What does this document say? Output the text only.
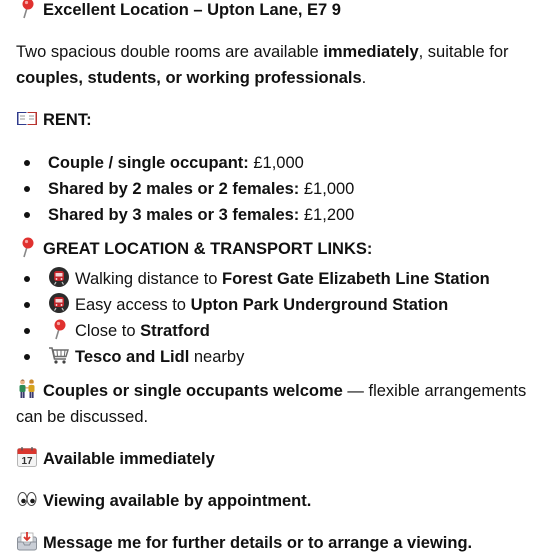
Excellent Location – Upton Lane, E7 9
Two spacious double rooms are available immediately, suitable for
couples, students, or working professionals.
RENT:
Couple / single occupant: £1,000
Shared by 2 males or 2 females: £1,000
Shared by 3 males or 3 females: £1,200
GREAT LOCATION & TRANSPORT LINKS:
Walking distance to Forest Gate Elizabeth Line Station
Easy access to Upton Park Underground Station
Close to Stratford
Tesco and Lidl nearby
Couples or single occupants welcome — flexible arrangements
can be discussed.
17 Available immediately
Viewing available by appointment.
Message me for further details or to arrange a viewing.
